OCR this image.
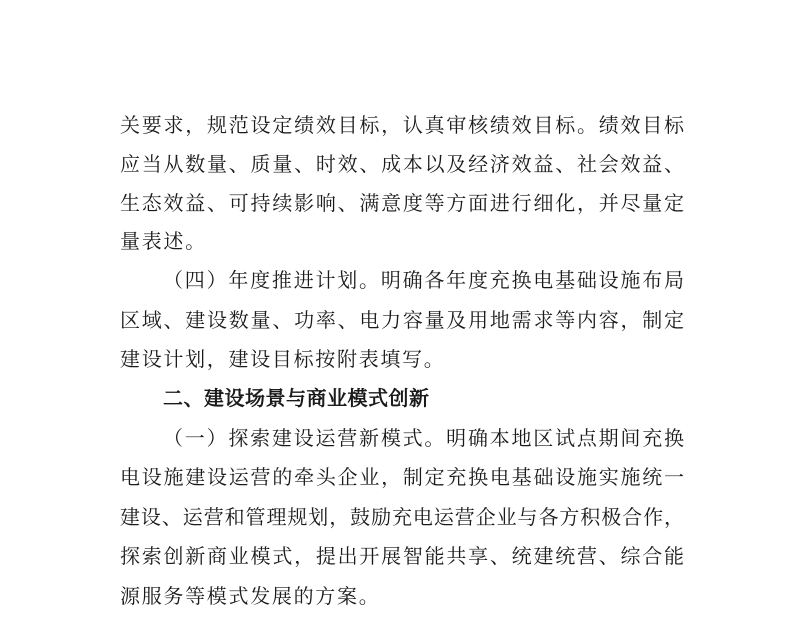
关要求，规范设定绩效目标，认真审核绩效目标。绩效目标
应当从数量、质量、时效、成本以及经济效益、社会效益、
生态效益、可持续影响、满意度等方面进行细化，并尽量定
量表述。
（四）年度推进计划。明确各年度充换电基础设施布局
区域、建设数量、功率、电力容量及用地需求等内容，制定
建设计划，建设目标按附表填写。
二、建设场景与商业模式创新
（一）探索建设运营新模式。明确本地区试点期间充换
电设施建设运营的牵头企业，制定充换电基础设施实施统一
建设、运营和管理规划，鼓励充电运营企业与各方积极合作，
探索创新商业模式，提出开展智能共享、统建统营、综合能
源服务等模式发展的方案。
